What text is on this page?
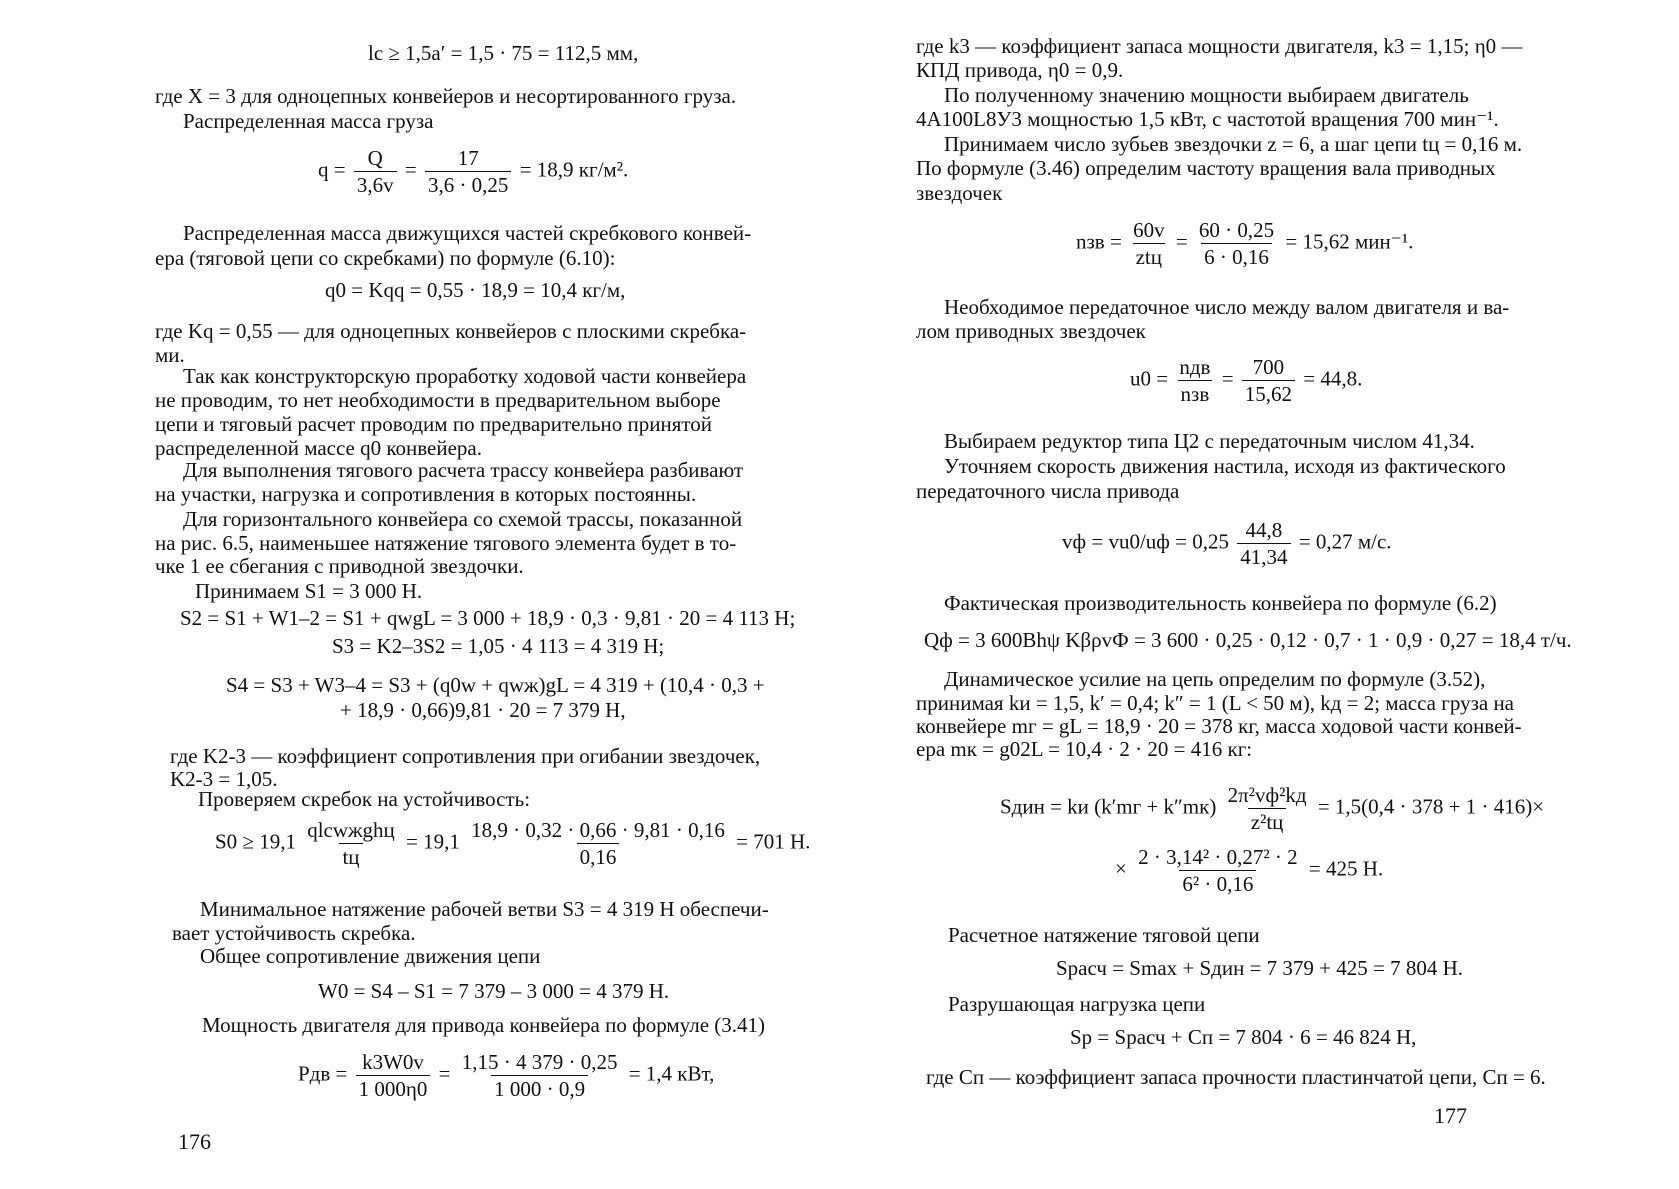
lс ≥ 1,5a′ = 1,5 · 75 = 112,5 мм,
где X = 3 для одноцепных конвейеров и несортированного груза.
Распределенная масса груза
$q = \frac{Q}{3,6v} = \frac{17}{3,6 \cdot 0,25} = 18,9$ кг/м².
Распределенная масса движущихся частей скребкового конвей-
ера (тяговой цепи со скребками) по формуле (6.10):
q0 = Kqq = 0,55 · 18,9 = 10,4 кг/м,
где Kq = 0,55 — для одноцепных конвейеров с плоскими скребка-
ми.
Так как конструкторскую проработку ходовой части конвейера
не проводим, то нет необходимости в предварительном выборе
цепи и тяговый расчет проводим по предварительно принятой
распределенной массе q0 конвейера.
Для выполнения тягового расчета трассу конвейера разбивают
на участки, нагрузка и сопротивления в которых постоянны.
Для горизонтального конвейера со схемой трассы, показанной
на рис. 6.5, наименьшее натяжение тягового элемента будет в то-
чке 1 ее сбегания с приводной звездочки.
Принимаем S1 = 3 000 Н.
S2 = S1 + W1–2 = S1 + qwgL = 3 000 + 18,9 · 0,3 · 9,81 · 20 = 4 113 Н;
S3 = K2–3S2 = 1,05 · 4 113 = 4 319 Н;
S4 = S3 + W3–4 = S3 + (q0w + qwж)gL = 4 319 + (10,4 · 0,3 +
+ 18,9 · 0,66)9,81 · 20 = 7 379 Н,
где K2-3 — коэффициент сопротивления при огибании звездочек,
K2-3 = 1,05.
Проверяем скребок на устойчивость:
$S0 \ge 19,1 \frac{\text{qlсwжghц}}{tц} = 19,1 \frac{18,9 \cdot 0,32 \cdot 0,66 \cdot 9,81 \cdot 0,16}{0,16} = 701$ Н.
Минимальное натяжение рабочей ветви S3 = 4 319 Н обеспечи-
вает устойчивость скребка.
Общее сопротивление движения цепи
W0 = S4 – S1 = 7 379 – 3 000 = 4 379 Н.
Мощность двигателя для привода конвейера по формуле (3.41)
Pдв = $\frac{k3W0v}{1 000\eta 0} = \frac{1,15 \cdot 4 379 \cdot 0,25}{1 000 \cdot 0,9} = 1,4$ кВт,
176
где k3 — коэффициент запаса мощности двигателя, k3 = 1,15; η0 —
КПД привода, η0 = 0,9.
По полученному значению мощности выбираем двигатель
4А100L8У3 мощностью 1,5 кВт, с частотой вращения 700 мин⁻¹.
Принимаем число зубьев звездочки z = 6, а шаг цепи tц = 0,16 м.
По формуле (3.46) определим частоту вращения вала приводных
звездочек
nзв = $\frac{60v}{\text{ztц}} = \frac{60 \cdot 0,25}{6 \cdot 0,16} = 15,62$ мин⁻¹.
Необходимое передаточное число между валом двигателя и ва-
лом приводных звездочек
$u0 = \frac{\text{nдв}}{\text{nзв}} = \frac{700}{15,62} = 44,8$.
Выбираем редуктор типа Ц2 с передаточным числом 41,34.
Уточняем скорость движения настила, исходя из фактического
передаточного числа привода
vф = $vu0/uф = 0,25 \frac{44,8}{41,34} = 0,27$ м/с.
Фактическая производительность конвейера по формуле (6.2)
Qф = 3 600Bhψ KβρvФ = 3 600 · 0,25 · 0,12 · 0,7 · 1 · 0,9 · 0,27 = 18,4 т/ч.
Динамическое усилие на цепь определим по формуле (3.52),
принимая kи = 1,5, k′ = 0,4; k″ = 1 (L < 50 м), kд = 2; масса груза на
конвейере mг = gL = 18,9 · 20 = 378 кг, масса ходовой части конвей-
ера mк = g02L = 10,4 · 2 · 20 = 416 кг:
Sдин = kи $(k'mг + k''mк) \frac{\text{2π²vф²kд}}{\text{z²tц}} = 1,5(0,4 \cdot 378 + 1 \cdot 416)\times$
× $\frac{\text{2 · 3,14² · 0,27² · 2}}{\text{6² · 0,16}} = 425$ Н.
Расчетное натяжение тяговой цепи
Sрасч = Smax + Sдин = 7 379 + 425 = 7 804 Н.
Разрушающая нагрузка цепи
Sр = Sрасч + Cп = 7 804 · 6 = 46 824 Н,
где Cп — коэффициент запаса прочности пластинчатой цепи, Cп = 6.
177
